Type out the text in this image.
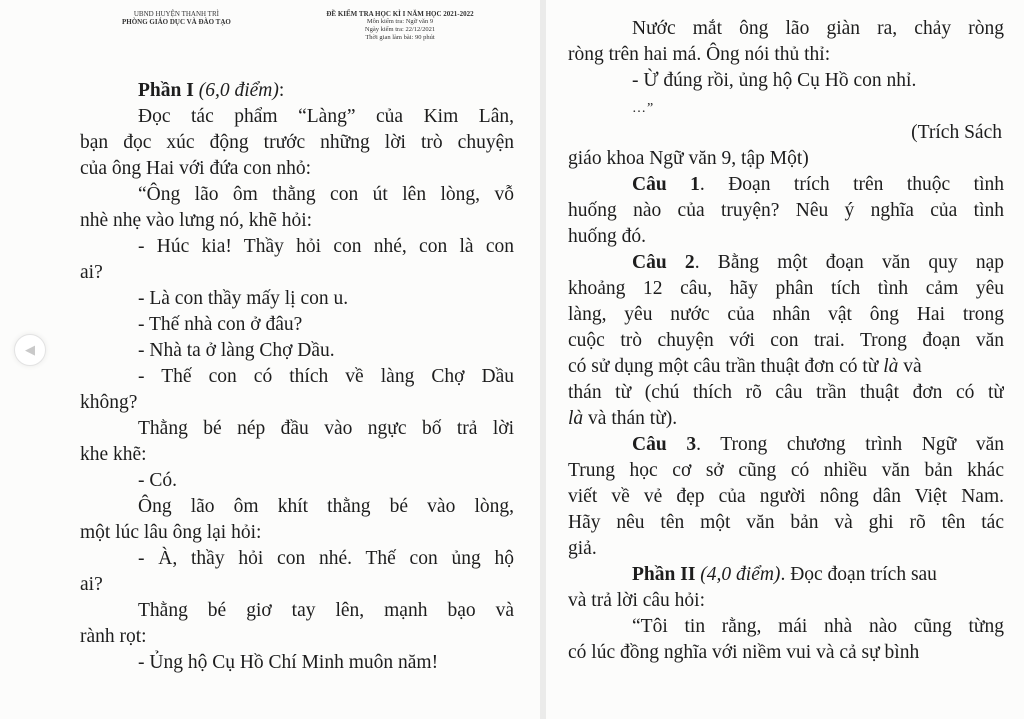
◀
UBND HUYỆN THANH TRÌ
PHÒNG GIÁO DỤC VÀ ĐÀO TẠO
ĐỀ KIỂM TRA HỌC KÌ I NĂM HỌC 2021-2022
Môn kiểm tra: Ngữ văn 9
Ngày kiểm tra: 22/12/2021
Thời gian làm bài: 90 phút
Phần I (6,0 điểm):
Đọc tác phẩm “Làng” của Kim Lân,
bạn đọc xúc động trước những lời trò chuyện
của ông Hai với đứa con nhỏ:
“Ông lão ôm thằng con út lên lòng, vỗ
nhè nhẹ vào lưng nó, khẽ hỏi:
- Húc kia! Thầy hỏi con nhé, con là con
ai?
- Là con thầy mấy lị con u.
- Thế nhà con ở đâu?
- Nhà ta ở làng Chợ Dầu.
- Thế con có thích về làng Chợ Dầu
không?
Thằng bé nép đầu vào ngực bố trả lời
khe khẽ:
- Có.
Ông lão ôm khít thằng bé vào lòng,
một lúc lâu ông lại hỏi:
- À, thầy hỏi con nhé. Thế con ủng hộ
ai?
Thằng bé giơ tay lên, mạnh bạo và
rành rọt:
- Ủng hộ Cụ Hồ Chí Minh muôn năm!
Nước mắt ông lão giàn ra, chảy ròng
ròng trên hai má. Ông nói thủ thỉ:
- Ừ đúng rồi, ủng hộ Cụ Hồ con nhỉ.
…”
(Trích Sách
giáo khoa Ngữ văn 9, tập Một)
Câu 1. Đoạn trích trên thuộc tình
huống nào của truyện? Nêu ý nghĩa của tình
huống đó.
Câu 2. Bằng một đoạn văn quy nạp
khoảng 12 câu, hãy phân tích tình cảm yêu
làng, yêu nước của nhân vật ông Hai trong
cuộc trò chuyện với con trai. Trong đoạn văn
có sử dụng một câu trần thuật đơn có từ là và
thán từ (chú thích rõ câu trần thuật đơn có từ
là và thán từ).
Câu 3. Trong chương trình Ngữ văn
Trung học cơ sở cũng có nhiều văn bản khác
viết về vẻ đẹp của người nông dân Việt Nam.
Hãy nêu tên một văn bản và ghi rõ tên tác
giả.
Phần II (4,0 điểm). Đọc đoạn trích sau
và trả lời câu hỏi:
“Tôi tin rằng, mái nhà nào cũng từng
có lúc đồng nghĩa với niềm vui và cả sự bình
